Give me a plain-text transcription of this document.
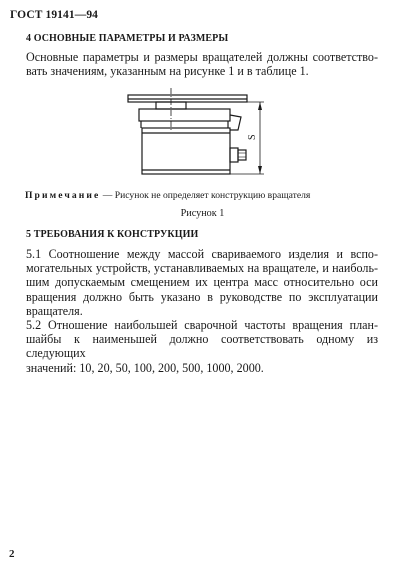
ГОСТ 19141—94
4 ОСНОВНЫЕ ПАРАМЕТРЫ И РАЗМЕРЫ
Основные параметры и размеры вращателей должны соответство-
вать значениям, указанным на рисунке 1 и в таблице 1.
S
Примечание — Рисунок не определяет конструкцию вращателя
Рисунок 1
5 ТРЕБОВАНИЯ К КОНСТРУКЦИИ
5.1 Соотношение между массой свариваемого изделия и вспо-
могательных устройств, устанавливаемых на вращателе, и наиболь-
шим допускаемым смещением их центра масс относительно оси
вращения должно быть указано в руководстве по эксплуатации
вращателя.
5.2 Отношение наибольшей сварочной частоты вращения план-
шайбы к наименьшей должно соответствовать одному из следующих
значений: 10, 20, 50, 100, 200, 500, 1000, 2000.
2
